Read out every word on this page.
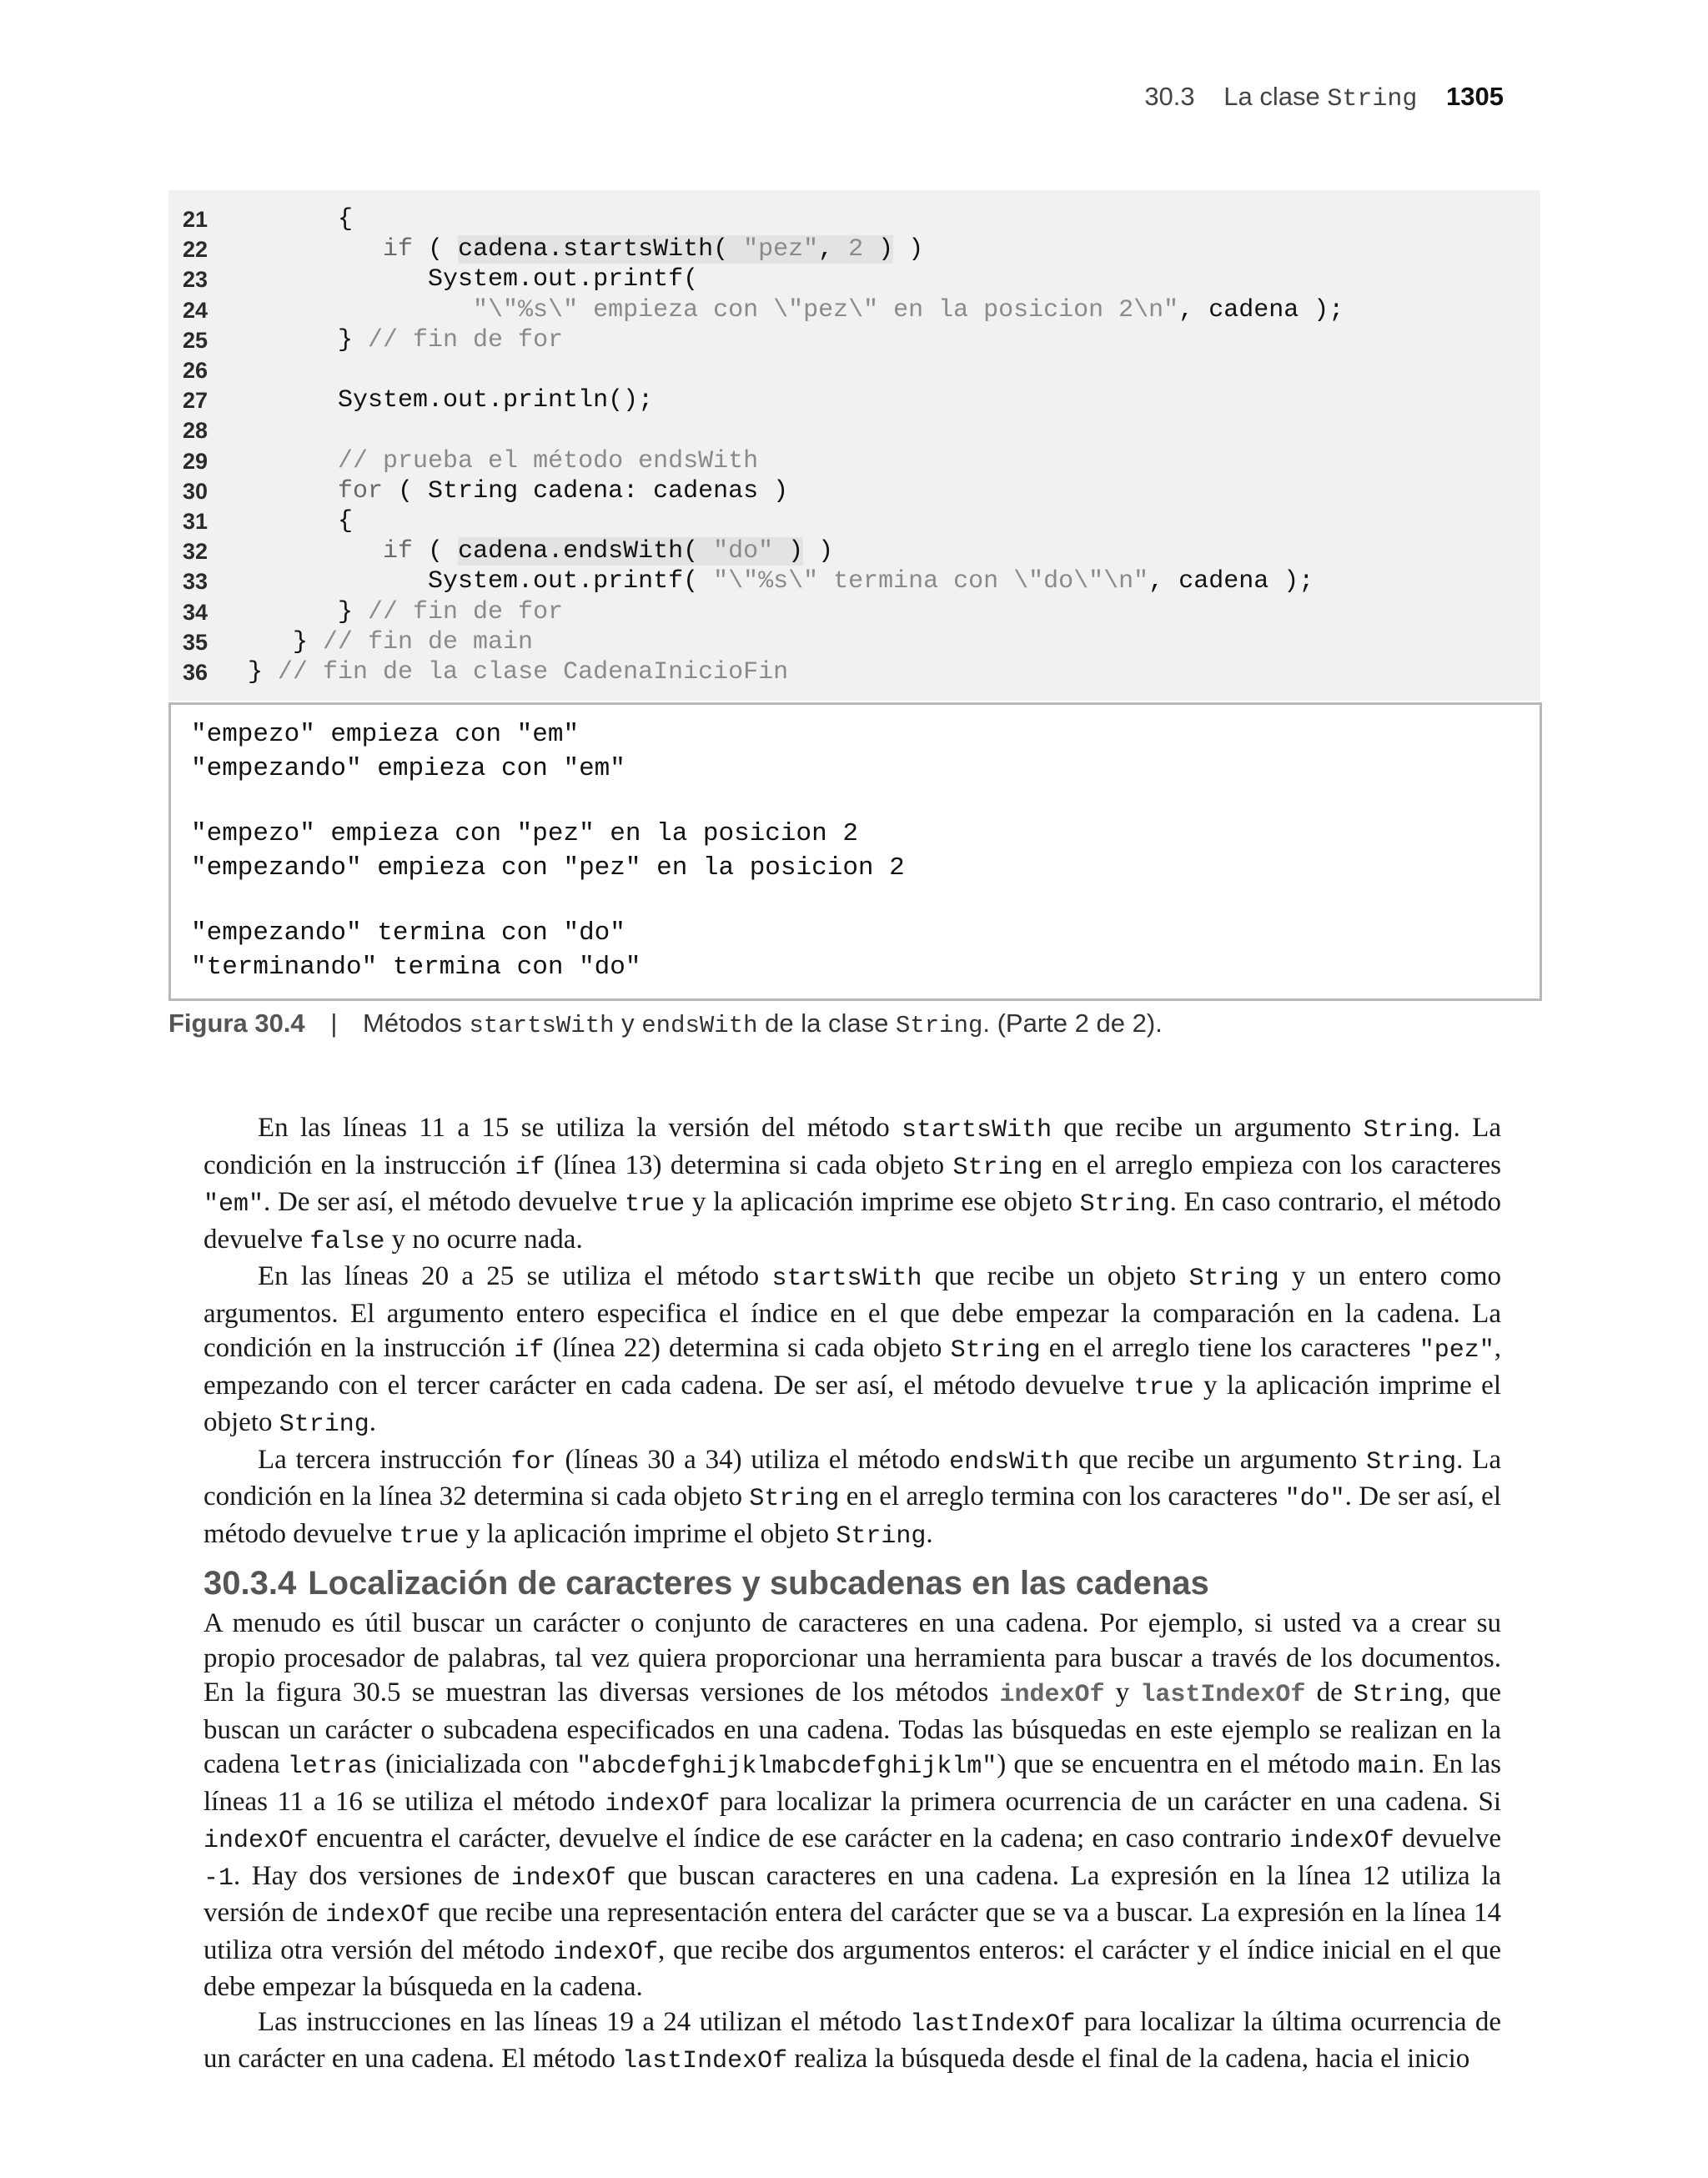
30.3 La clase String 1305
21	{
22	if ( cadena.startsWith( "pez", 2 ) )
23	System.out.printf(
24	"\"%s\" empieza con \"pez\" en la posicion 2\n", cadena );
25	} // fin de for
26
27	System.out.println();
28
29	// prueba el método endsWith
30	for ( String cadena: cadenas )
31	{
32	if ( cadena.endsWith( "do" ) )
33	System.out.printf( "\"%s\" termina con \"do\"\n", cadena );
34	} // fin de for
35	} // fin de main
36	} // fin de la clase CadenaInicioFin
"empezo" empieza con "em"
"empezando" empieza con "em"
"empezo" empieza con "pez" en la posicion 2
"empezando" empieza con "pez" en la posicion 2
"empezando" termina con "do"
"terminando" termina con "do"
Figura 30.4 | Métodos startsWith y endsWith de la clase String. (Parte 2 de 2).

En las líneas 11 a 15 se utiliza la versión del método startsWith que recibe un argumento String. La condición en la instrucción if (línea 13) determina si cada objeto String en el arreglo empieza con los caracteres "em". De ser así, el método devuelve true y la aplicación imprime ese objeto String. En caso contrario, el método devuelve false y no ocurre nada.

En las líneas 20 a 25 se utiliza el método startsWith que recibe un objeto String y un entero como argumentos. El argumento entero especifica el índice en el que debe empezar la comparación en la cadena. La condición en la instrucción if (línea 22) determina si cada objeto String en el arreglo tiene los caracteres "pez", empezando con el tercer carácter en cada cadena. De ser así, el método devuelve true y la aplicación imprime el objeto String.

La tercera instrucción for (líneas 30 a 34) utiliza el método endsWith que recibe un argumento String. La condición en la línea 32 determina si cada objeto String en el arreglo termina con los caracteres "do". De ser así, el método devuelve true y la aplicación imprime el objeto String.

30.3.4 Localización de caracteres y subcadenas en las cadenas

A menudo es útil buscar un carácter o conjunto de caracteres en una cadena. Por ejemplo, si usted va a crear su propio procesador de palabras, tal vez quiera proporcionar una herramienta para buscar a través de los documentos. En la figura 30.5 se muestran las diversas versiones de los métodos indexOf y lastIndexOf de String, que buscan un carácter o subcadena especificados en una cadena. Todas las búsquedas en este ejemplo se realizan en la cadena letras (inicializada con "abcdefghijklmabcdefghijklm") que se encuentra en el método main. En las líneas 11 a 16 se utiliza el método indexOf para localizar la primera ocurrencia de un carácter en una cadena. Si indexOf encuentra el carácter, devuelve el índice de ese carácter en la cadena; en caso contrario indexOf devuelve -1. Hay dos versiones de indexOf que buscan caracteres en una cadena. La expresión en la línea 12 utiliza la versión de indexOf que recibe una representación entera del carácter que se va a buscar. La expresión en la línea 14 utiliza otra versión del método indexOf, que recibe dos argumentos enteros: el carácter y el índice inicial en el que debe empezar la búsqueda en la cadena.

Las instrucciones en las líneas 19 a 24 utilizan el método lastIndexOf para localizar la última ocurrencia de un carácter en una cadena. El método lastIndexOf realiza la búsqueda desde el final de la cadena, hacia el inicio
